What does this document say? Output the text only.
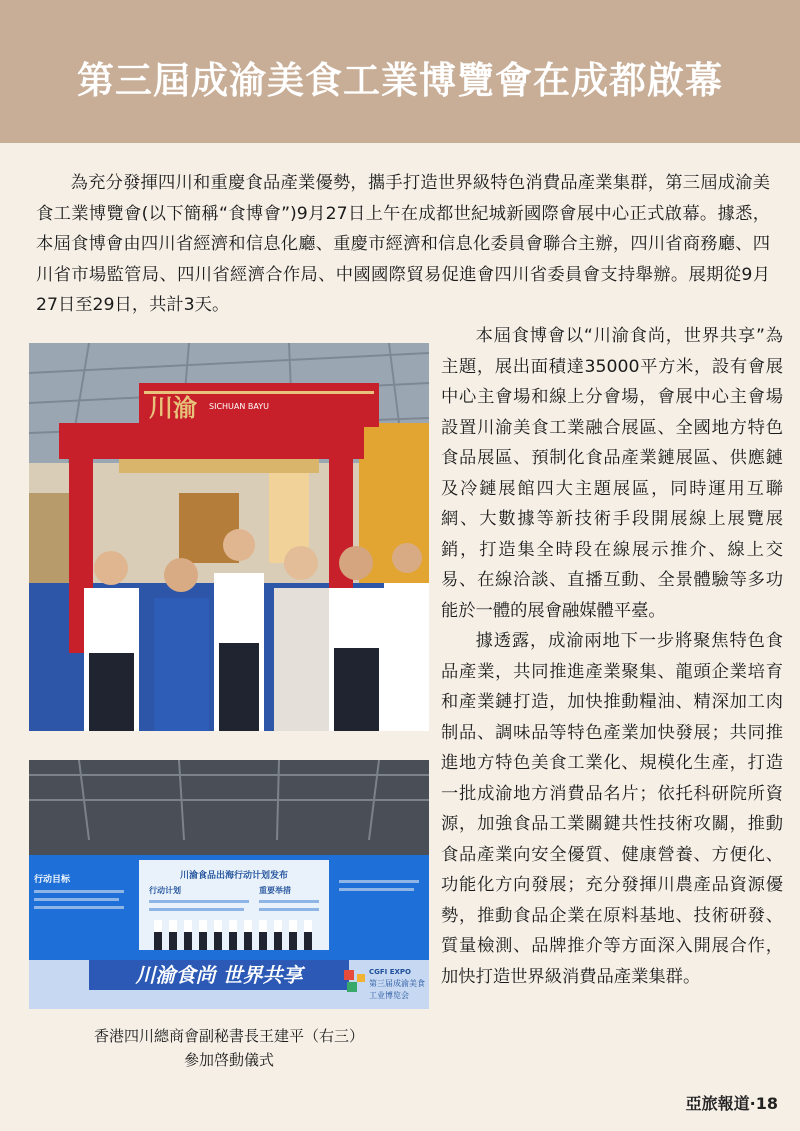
第三屆成渝美食工業博覽會在成都啟幕

為充分發揮四川和重慶食品產業優勢，攜手打造世界級特色消費品產業集群，第三屆成渝美食工業博覽會(以下簡稱“食博會”)9月27日上午在成都世紀城新國際會展中心正式啟幕。據悉，本屆食博會由四川省經濟和信息化廳、重慶市經濟和信息化委員會聯合主辦，四川省商務廳、四川省市場監管局、四川省經濟合作局、中國國際貿易促進會四川省委員會支持舉辦。展期從9月27日至29日，共計3天。

川渝 SICHUAN BAYU
川渝食品出海行动计划发布
行动目标
行动计划	重要举措
川渝食尚 世界共享	CGFI EXPO
第三届成渝美食
工业博览会

香港四川總商會副秘書長王建平（右三）
參加啓動儀式

本屆食博會以“川渝食尚，世界共享”為主題，展出面積達35000平方米，設有會展中心主會場和線上分會場，會展中心主會場設置川渝美食工業融合展區、全國地方特色食品展區、預制化食品產業鏈展區、供應鏈及冷鏈展館四大主題展區，同時運用互聯網、大數據等新技術手段開展線上展覽展銷，打造集全時段在線展示推介、線上交易、在線洽談、直播互動、全景體驗等多功能於一體的展會融媒體平臺。

據透露，成渝兩地下一步將聚焦特色食品產業，共同推進產業聚集、龍頭企業培育和產業鏈打造，加快推動糧油、精深加工肉制品、調味品等特色產業加快發展；共同推進地方特色美食工業化、規模化生產，打造一批成渝地方消費品名片；依托科研院所資源，加強食品工業關鍵共性技術攻關，推動食品產業向安全優質、健康營養、方便化、功能化方向發展；充分發揮川農產品資源優勢，推動食品企業在原料基地、技術研發、質量檢測、品牌推介等方面深入開展合作，加快打造世界級消費品產業集群。

亞旅報道·18
